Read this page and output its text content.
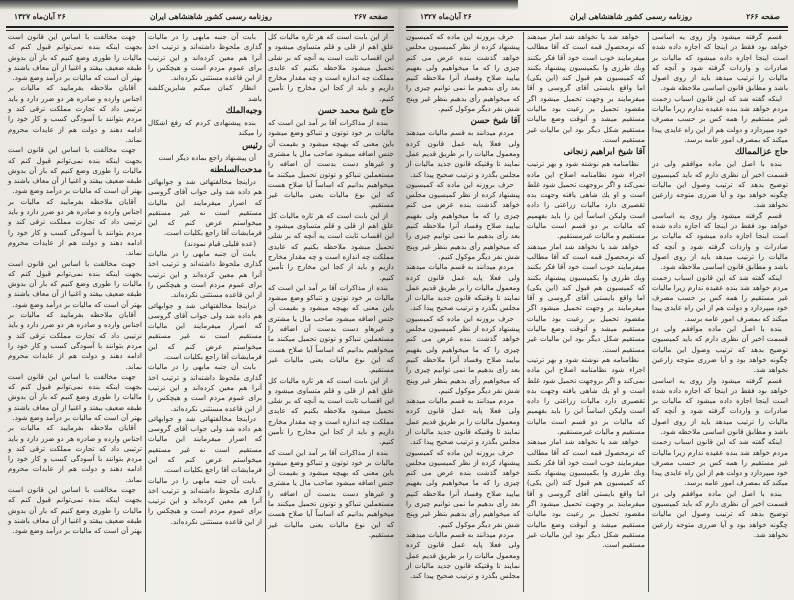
صفحه ۲۶۷
روزنامه رسمی کشور شاهنشاهی ایران
۲۶ آبان‌ماه ۱۳۲۷

از این بابت است که هر ثاره مالیات کل علق اهم از قلی و قلم متساوی میشود و این اقساب ثابت است یه آنچه که بر شلی تحمیل میشود ملاحظه بکنیم که عایدی مملکت چه اندازه است و چه مقدار مخارج داریم و باید از کجا این مخارج را تأمین کنیم.

حاج شیخ محمد حسن

بنده از مذاکرات آقا بر آمد این است که مالیات بر خود توتون و تنباکو وضع میشود باین معنی که بهیچه میشود و بقیمت آن جنس اضافه میشود صاحب مال یا مشتری و غیرهاو دست بدست آن اضافه را مستعملین تنباکو و توتون تحمیل میکنند ما میخواهیم بدانیم که اساساً آیا صلاح هست که این نوع مالیات یعنی مالیات غیر مستقیم.

از این بابت است که هر ثاره مالیات کل علق اهم از قلی و قلم متساوی میشود و این اقساب ثابت است یه آنچه که بر شلی تحمیل میشود ملاحظه بکنیم که عایدی مملکت چه اندازه است و چه مقدار مخارج داریم و باید از کجا این مخارج را تأمین کنیم.

بنده از مذاکرات آقا بر آمد این است که مالیات بر خود توتون و تنباکو وضع میشود باین معنی که بهیچه میشود و بقیمت آن جنس اضافه میشود صاحب مال یا مشتری و غیرهاو دست بدست آن اضافه را مستعملین تنباکو و توتون تحمیل میکنند ما میخواهیم بدانیم که اساساً آیا صلاح هست که این نوع مالیات یعنی مالیات غیر مستقیم.

از این بابت است که هر ثاره مالیات کل علق اهم از قلی و قلم متساوی میشود و این اقساب ثابت است یه آنچه که بر شلی تحمیل میشود ملاحظه بکنیم که عایدی مملکت چه اندازه است و چه مقدار مخارج داریم و باید از کجا این مخارج را تأمین کنیم.

بنده از مذاکرات آقا بر آمد این است که مالیات بر خود توتون و تنباکو وضع میشود باین معنی که بهیچه میشود و بقیمت آن جنس اضافه میشود صاحب مال یا مشتری و غیرهاو دست بدست آن اضافه را مستعملین تنباکو و توتون تحمیل میکنند ما میخواهیم بدانیم که اساساً آیا صلاح هست که این نوع مالیات یعنی مالیات غیر مستقیم.

بابت آن جنبه مابهی را در مالیات گذاری ملحوظ داشته‌اند و ترتیب اخذ آنرا هم معین کرده‌اند و این ترتیب برای عموم مردم است و هیچکس را از این قاعده مستثنی نکرده‌اند.

انظار کمان میکنم شایزین‌کلشه باشد

وجیه‌الملك

بنده پیشنهادی کردم که رفع اشکال را میکند

رئیس

آن پیشنهاد راجع بماده دیگر است

مدحت‌السلطنه

دراینجا مخالفتهائی شد و جوابهائی هم داده شد ولی جواب آقای گروسی که اصرار میفرمایند این مالیات مستقیم است نه غیر مستقیم میخواستم عرض کنم که این فرمایشات آقا راجع بکلیات است.

(عده قلیلی قیام نمودند)

بابت آن جنبه مابهی را در مالیات گذاری ملحوظ داشته‌اند و ترتیب اخذ آنرا هم معین کرده‌اند و این ترتیب برای عموم مردم است و هیچکس را از این قاعده مستثنی نکرده‌اند.

دراینجا مخالفتهائی شد و جوابهائی هم داده شد ولی جواب آقای گروسی که اصرار میفرمایند این مالیات مستقیم است نه غیر مستقیم میخواستم عرض کنم که این فرمایشات آقا راجع بکلیات است.

بابت آن جنبه مابهی را در مالیات گذاری ملحوظ داشته‌اند و ترتیب اخذ آنرا هم معین کرده‌اند و این ترتیب برای عموم مردم است و هیچکس را از این قاعده مستثنی نکرده‌اند.

دراینجا مخالفتهائی شد و جوابهائی هم داده شد ولی جواب آقای گروسی که اصرار میفرمایند این مالیات مستقیم است نه غیر مستقیم میخواستم عرض کنم که این فرمایشات آقا راجع بکلیات است.

بابت آن جنبه مابهی را در مالیات گذاری ملحوظ داشته‌اند و ترتیب اخذ آنرا هم معین کرده‌اند و این ترتیب برای عموم مردم است و هیچکس را از این قاعده مستثنی نکرده‌اند.

جهت مخالفت با اساس این قانون است بجهت اینکه بنده نمی‌توانم قبول کنم که مالیات را طوری وضع کنیم که بار آن بدوش طبقه ضعیف بیفتد و اغنیا از آن معاف باشند و بهتر آن است که مالیات بر درآمد وضع شود.

آقایان ملاحظه بفرمایید که مالیات بر اجناس وارده و صادره هر دو ضرر دارد و باید ترتیبی داد که تجارت مملکت ترقی کند و مردم بتوانند با آسودگی کسب و کار خود را ادامه دهند و دولت هم از عایدات محروم نماند.

جهت مخالفت با اساس این قانون است بجهت اینکه بنده نمی‌توانم قبول کنم که مالیات را طوری وضع کنیم که بار آن بدوش طبقه ضعیف بیفتد و اغنیا از آن معاف باشند و بهتر آن است که مالیات بر درآمد وضع شود.

آقایان ملاحظه بفرمایید که مالیات بر اجناس وارده و صادره هر دو ضرر دارد و باید ترتیبی داد که تجارت مملکت ترقی کند و مردم بتوانند با آسودگی کسب و کار خود را ادامه دهند و دولت هم از عایدات محروم نماند.

جهت مخالفت با اساس این قانون است بجهت اینکه بنده نمی‌توانم قبول کنم که مالیات را طوری وضع کنیم که بار آن بدوش طبقه ضعیف بیفتد و اغنیا از آن معاف باشند و بهتر آن است که مالیات بر درآمد وضع شود.

آقایان ملاحظه بفرمایید که مالیات بر اجناس وارده و صادره هر دو ضرر دارد و باید ترتیبی داد که تجارت مملکت ترقی کند و مردم بتوانند با آسودگی کسب و کار خود را ادامه دهند و دولت هم از عایدات محروم نماند.

جهت مخالفت با اساس این قانون است بجهت اینکه بنده نمی‌توانم قبول کنم که مالیات را طوری وضع کنیم که بار آن بدوش طبقه ضعیف بیفتد و اغنیا از آن معاف باشند و بهتر آن است که مالیات بر درآمد وضع شود.

آقایان ملاحظه بفرمایید که مالیات بر اجناس وارده و صادره هر دو ضرر دارد و باید ترتیبی داد که تجارت مملکت ترقی کند و مردم بتوانند با آسودگی کسب و کار خود را ادامه دهند و دولت هم از عایدات محروم نماند.

جهت مخالفت با اساس این قانون است بجهت اینکه بنده نمی‌توانم قبول کنم که مالیات را طوری وضع کنیم که بار آن بدوش طبقه ضعیف بیفتد و اغنیا از آن معاف باشند و بهتر آن است که مالیات بر درآمد وضع شود.

صفحه ۲۶۶
روزنامه رسمی کشور شاهنشاهی ایران
۲۶ آبان‌ماه ۱۳۲۷

قسم گرفته میشود واز روی یه اساسی خواهد بود فقط در اینجا که اجازه داده شده است اینجا اجازه داده میشود که مالیات بر صادرات و واردات گرفته شود و آنچه که مالیات را ترتیب میدهد باید از روی اصول باشد و مطابق قانون اساسی ملاحظه شود.

اینکه گفته شد که این قانون اسباب زحمت مردم خواهد شد بنده عقیده ندارم زیرا مالیات غیر مستقیم را همه کس بر حسب مصرف خود میپردازد و دولت هم از این راه عایدی پیدا میکند که بمصرف امور عامه برسد.

حاج عزالممالك

بنده با اصل این ماده موافقم ولی در قسمت اخیر آن نظری دارم که باید کمیسیون توضیح بدهد که ترتیب وصول این مالیات چگونه خواهد بود و آیا ضرری متوجه زارعین نخواهد شد.

قسم گرفته میشود واز روی یه اساسی خواهد بود فقط در اینجا که اجازه داده شده است اینجا اجازه داده میشود که مالیات بر صادرات و واردات گرفته شود و آنچه که مالیات را ترتیب میدهد باید از روی اصول باشد و مطابق قانون اساسی ملاحظه شود.

اینکه گفته شد که این قانون اسباب زحمت مردم خواهد شد بنده عقیده ندارم زیرا مالیات غیر مستقیم را همه کس بر حسب مصرف خود میپردازد و دولت هم از این راه عایدی پیدا میکند که بمصرف امور عامه برسد.

بنده با اصل این ماده موافقم ولی در قسمت اخیر آن نظری دارم که باید کمیسیون توضیح بدهد که ترتیب وصول این مالیات چگونه خواهد بود و آیا ضرری متوجه زارعین نخواهد شد.

قسم گرفته میشود واز روی یه اساسی خواهد بود فقط در اینجا که اجازه داده شده است اینجا اجازه داده میشود که مالیات بر صادرات و واردات گرفته شود و آنچه که مالیات را ترتیب میدهد باید از روی اصول باشد و مطابق قانون اساسی ملاحظه شود.

اینکه گفته شد که این قانون اسباب زحمت مردم خواهد شد بنده عقیده ندارم زیرا مالیات غیر مستقیم را همه کس بر حسب مصرف خود میپردازد و دولت هم از این راه عایدی پیدا میکند که بمصرف امور عامه برسد.

بنده با اصل این ماده موافقم ولی در قسمت اخیر آن نظری دارم که باید کمیسیون توضیح بدهد که ترتیب وصول این مالیات چگونه خواهد بود و آیا ضرری متوجه زارعین نخواهد شد.

خواهد شد یا نخواهد شد اماز میدهند که نرمحصول قمه است که آقا مطالب میفرمایند خوب است خود آقا فکر بکنند وبك طرزی وا بکمیسیون پیشنهاد بکنند که کمیسیون هم قبول کند (این یکی) اما واقع بایستی آقای گروسی و آقا میفرمایند بر وجهت تحمیل میشود اگر مقصود تحمیل بر رعیت بود مالیات مستقیم میشد و آنوقت وضع مالیات مستقیم شکل دیگر بود این مالیات غیر مستقیم است.

آقا شیخ ابراهیم زنجانی

نظامنامه هم نوشته شود و بهر ترتیب اجراء شود نظامنامه اصلاح این ماده نمی‌کند و اگر بروجهت تحمیل شود غلط است و او یك شاهی یافته وجهت بده تقصیری دارد مالیات زراعتی را داده است ولیکن اساساً این را باید بفهمیم که مالیات بر دو قسم است مالیات مستقیم و مالیات غیرمستقیم.

خواهد شد یا نخواهد شد اماز میدهند که نرمحصول قمه است که آقا مطالب میفرمایند خوب است خود آقا فکر بکنند وبك طرزی وا بکمیسیون پیشنهاد بکنند که کمیسیون هم قبول کند (این یکی) اما واقع بایستی آقای گروسی و آقا میفرمایند بر وجهت تحمیل میشود اگر مقصود تحمیل بر رعیت بود مالیات مستقیم میشد و آنوقت وضع مالیات مستقیم شکل دیگر بود این مالیات غیر مستقیم است.

نظامنامه هم نوشته شود و بهر ترتیب اجراء شود نظامنامه اصلاح این ماده نمی‌کند و اگر بروجهت تحمیل شود غلط است و او یك شاهی یافته وجهت بده تقصیری دارد مالیات زراعتی را داده است ولیکن اساساً این را باید بفهمیم که مالیات بر دو قسم است مالیات مستقیم و مالیات غیرمستقیم.

خواهد شد یا نخواهد شد اماز میدهند که نرمحصول قمه است که آقا مطالب میفرمایند خوب است خود آقا فکر بکنند وبك طرزی وا بکمیسیون پیشنهاد بکنند که کمیسیون هم قبول کند (این یکی) اما واقع بایستی آقای گروسی و آقا میفرمایند بر وجهت تحمیل میشود اگر مقصود تحمیل بر رعیت بود مالیات مستقیم میشد و آنوقت وضع مالیات مستقیم شکل دیگر بود این مالیات غیر مستقیم است.

حرف بروزنه این ماده که کمیسیون پیشنهاد کرده از نظر کمیسیون مجلس خواهد گذشت بنده عرض می کنم چیزی را که ما میخواهیم ولی بفهیم بیایید صلاح وفساد آنرا ملاحظه کنیم بعد رأی بدهیم ما نمی توانیم چیزی را که میخواهیم رأی بدهیم بنظر غیر وپنج شش نفر دیگر موکول کنیم.

آقا شیخ حسن

مردم میدانند به قسم مالیات میدهند ولی فعلا پایه عمل قانون کرده ومعمول مالیات را بر طریق قدیم عمل نمایند تا وقتیکه قانون جدید مالیات از مجلس بگذرد و ترتیب صحیح پیدا کند.

حرف بروزنه این ماده که کمیسیون پیشنهاد کرده از نظر کمیسیون مجلس خواهد گذشت بنده عرض می کنم چیزی را که ما میخواهیم ولی بفهیم بیایید صلاح وفساد آنرا ملاحظه کنیم بعد رأی بدهیم ما نمی توانیم چیزی را که میخواهیم رأی بدهیم بنظر غیر وپنج شش نفر دیگر موکول کنیم.

مردم میدانند به قسم مالیات میدهند ولی فعلا پایه عمل قانون کرده ومعمول مالیات را بر طریق قدیم عمل نمایند تا وقتیکه قانون جدید مالیات از مجلس بگذرد و ترتیب صحیح پیدا کند.

حرف بروزنه این ماده که کمیسیون پیشنهاد کرده از نظر کمیسیون مجلس خواهد گذشت بنده عرض می کنم چیزی را که ما میخواهیم ولی بفهیم بیایید صلاح وفساد آنرا ملاحظه کنیم بعد رأی بدهیم ما نمی توانیم چیزی را که میخواهیم رأی بدهیم بنظر غیر وپنج شش نفر دیگر موکول کنیم.

مردم میدانند به قسم مالیات میدهند ولی فعلا پایه عمل قانون کرده ومعمول مالیات را بر طریق قدیم عمل نمایند تا وقتیکه قانون جدید مالیات از مجلس بگذرد و ترتیب صحیح پیدا کند.

حرف بروزنه این ماده که کمیسیون پیشنهاد کرده از نظر کمیسیون مجلس خواهد گذشت بنده عرض می کنم چیزی را که ما میخواهیم ولی بفهیم بیایید صلاح وفساد آنرا ملاحظه کنیم بعد رأی بدهیم ما نمی توانیم چیزی را که میخواهیم رأی بدهیم بنظر غیر وپنج شش نفر دیگر موکول کنیم.

مردم میدانند به قسم مالیات میدهند ولی فعلا پایه عمل قانون کرده ومعمول مالیات را بر طریق قدیم عمل نمایند تا وقتیکه قانون جدید مالیات از مجلس بگذرد و ترتیب صحیح پیدا کند.
